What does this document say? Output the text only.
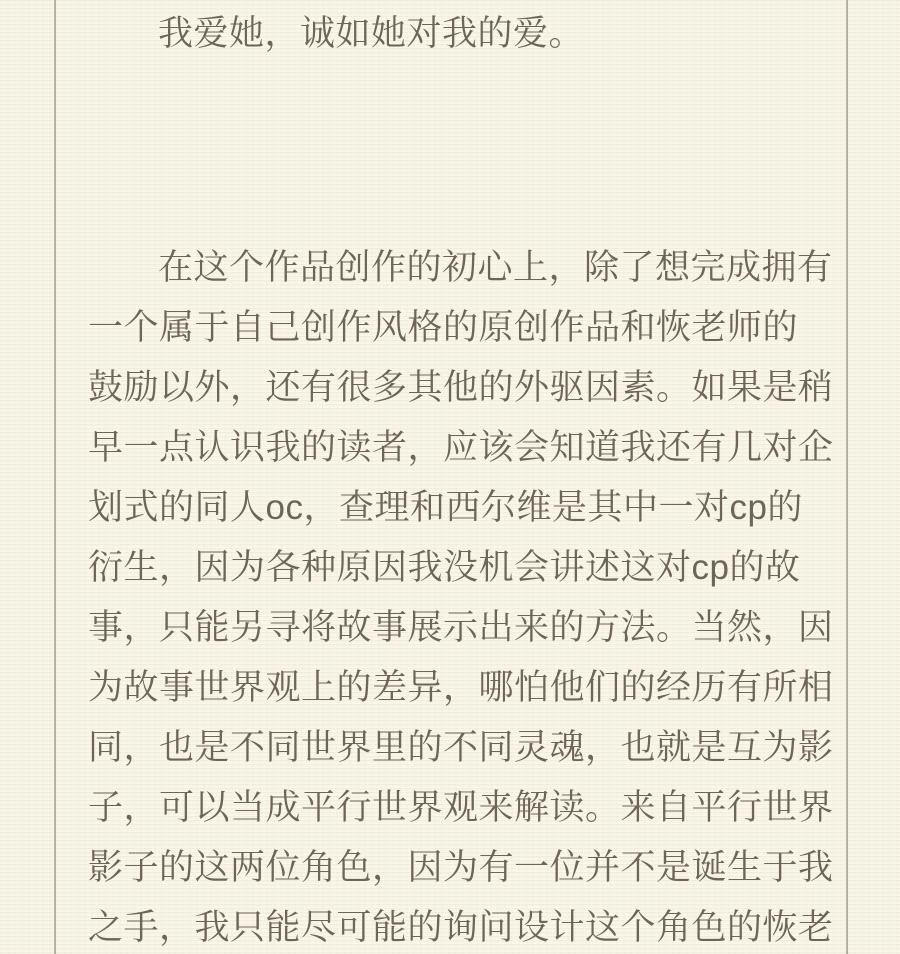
我爱她，诚如她对我的爱。
在这个作品创作的初心上，除了想完成拥有
一个属于自己创作风格的原创作品和恢老师的
鼓励以外，还有很多其他的外驱因素。如果是稍
早一点认识我的读者，应该会知道我还有几对企
划式的同人oc，查理和西尔维是其中一对cp的
衍生，因为各种原因我没机会讲述这对cp的故
事，只能另寻将故事展示出来的方法。当然，因
为故事世界观上的差异，哪怕他们的经历有所相
同，也是不同世界里的不同灵魂，也就是互为影
子，可以当成平行世界观来解读。来自平行世界
影子的这两位角色，因为有一位并不是诞生于我
之手，我只能尽可能的询问设计这个角色的恢老
